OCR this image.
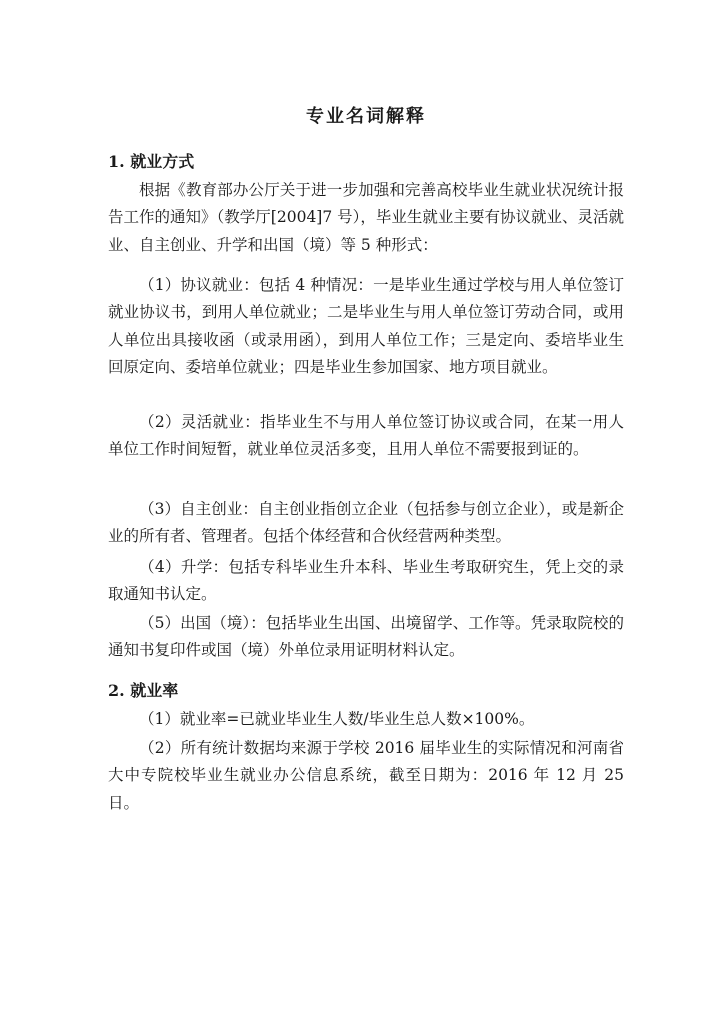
专业名词解释
1. 就业方式

根据《教育部办公厅关于进一步加强和完善高校毕业生就业状况统计报告工作的通知》（教学厅[2004]7 号），毕业生就业主要有协议就业、灵活就业、自主创业、升学和出国（境）等 5 种形式：

（1）协议就业：包括 4 种情况：一是毕业生通过学校与用人单位签订就业协议书，到用人单位就业；二是毕业生与用人单位签订劳动合同，或用人单位出具接收函（或录用函），到用人单位工作；三是定向、委培毕业生回原定向、委培单位就业；四是毕业生参加国家、地方项目就业。

（2）灵活就业：指毕业生不与用人单位签订协议或合同，在某一用人单位工作时间短暂，就业单位灵活多变，且用人单位不需要报到证的。

（3）自主创业：自主创业指创立企业（包括参与创立企业），或是新企业的所有者、管理者。包括个体经营和合伙经营两种类型。

（4）升学：包括专科毕业生升本科、毕业生考取研究生，凭上交的录取通知书认定。

（5）出国（境）：包括毕业生出国、出境留学、工作等。凭录取院校的通知书复印件或国（境）外单位录用证明材料认定。

2. 就业率

（1）就业率=已就业毕业生人数/毕业生总人数×100%。

（2）所有统计数据均来源于学校 2016 届毕业生的实际情况和河南省大中专院校毕业生就业办公信息系统，截至日期为：2016 年 12 月 25 日。
